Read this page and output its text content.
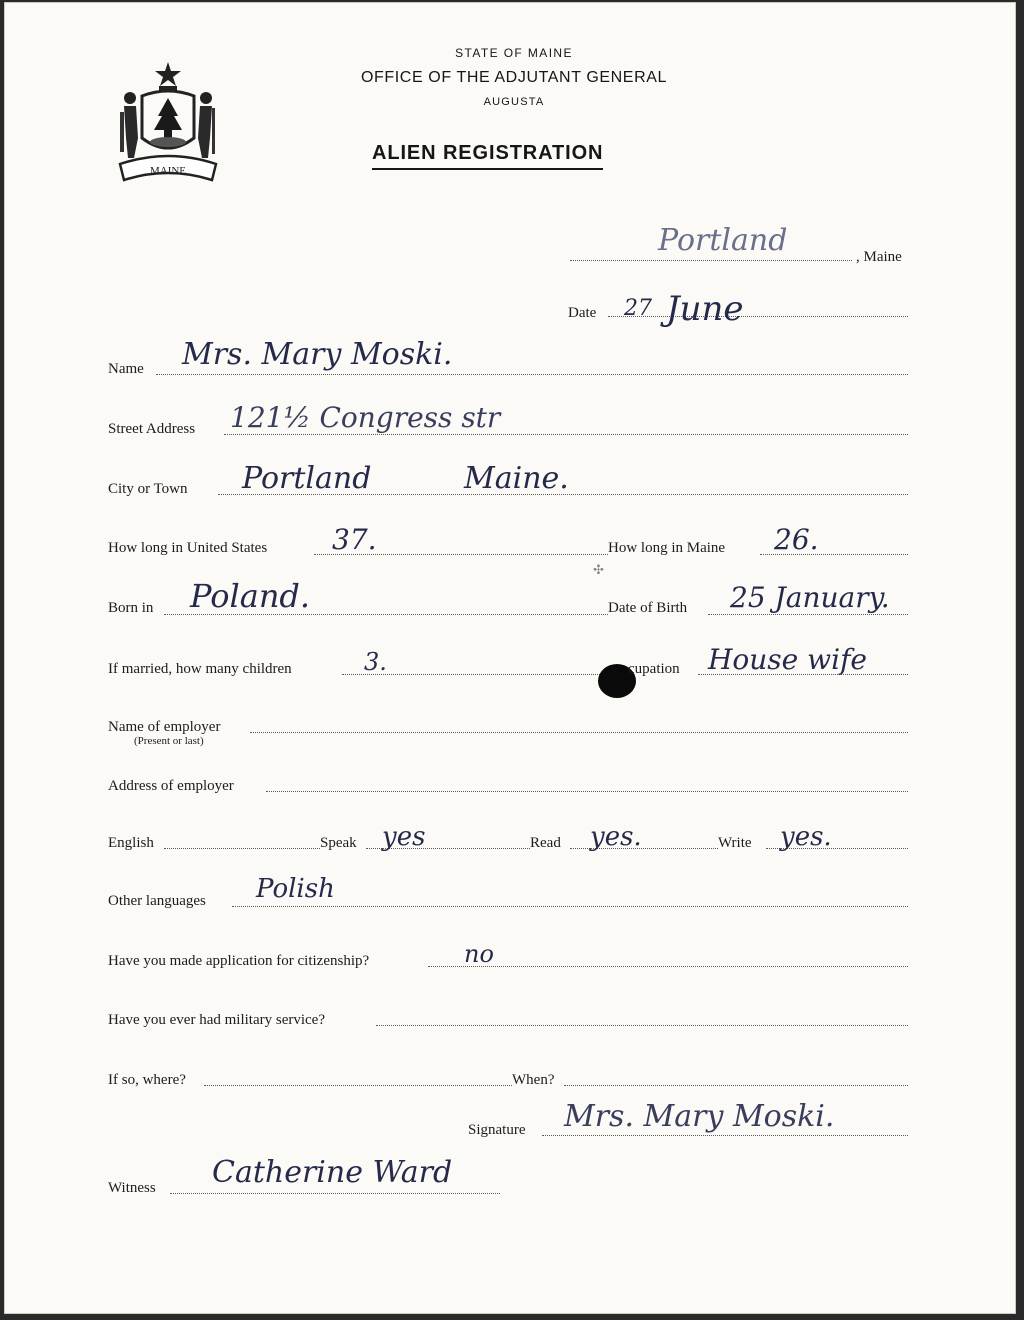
MAINE
STATE OF MAINE
OFFICE OF THE ADJUTANT GENERAL
AUGUSTA
ALIEN REGISTRATION
Portland	, Maine
Date 27 June
Name Mrs. Mary Moski.
Street Address 121½ Congress str
City or Town Portland	Maine.
How long in United States 37.	How long in Maine 26.
✣
Born in Poland.	Date of Birth 25 January.
If married, how many children	3.	cupation House wife
Name of employer
(Present or last)
Address of employer
English	Speak yes	Read yes.	Write yes.
Other languages Polish
Have you made application for citizenship?	no
Have you ever had military service?
If so, where?	When?
Signature Mrs. Mary Moski.
Witness Catherine Ward
